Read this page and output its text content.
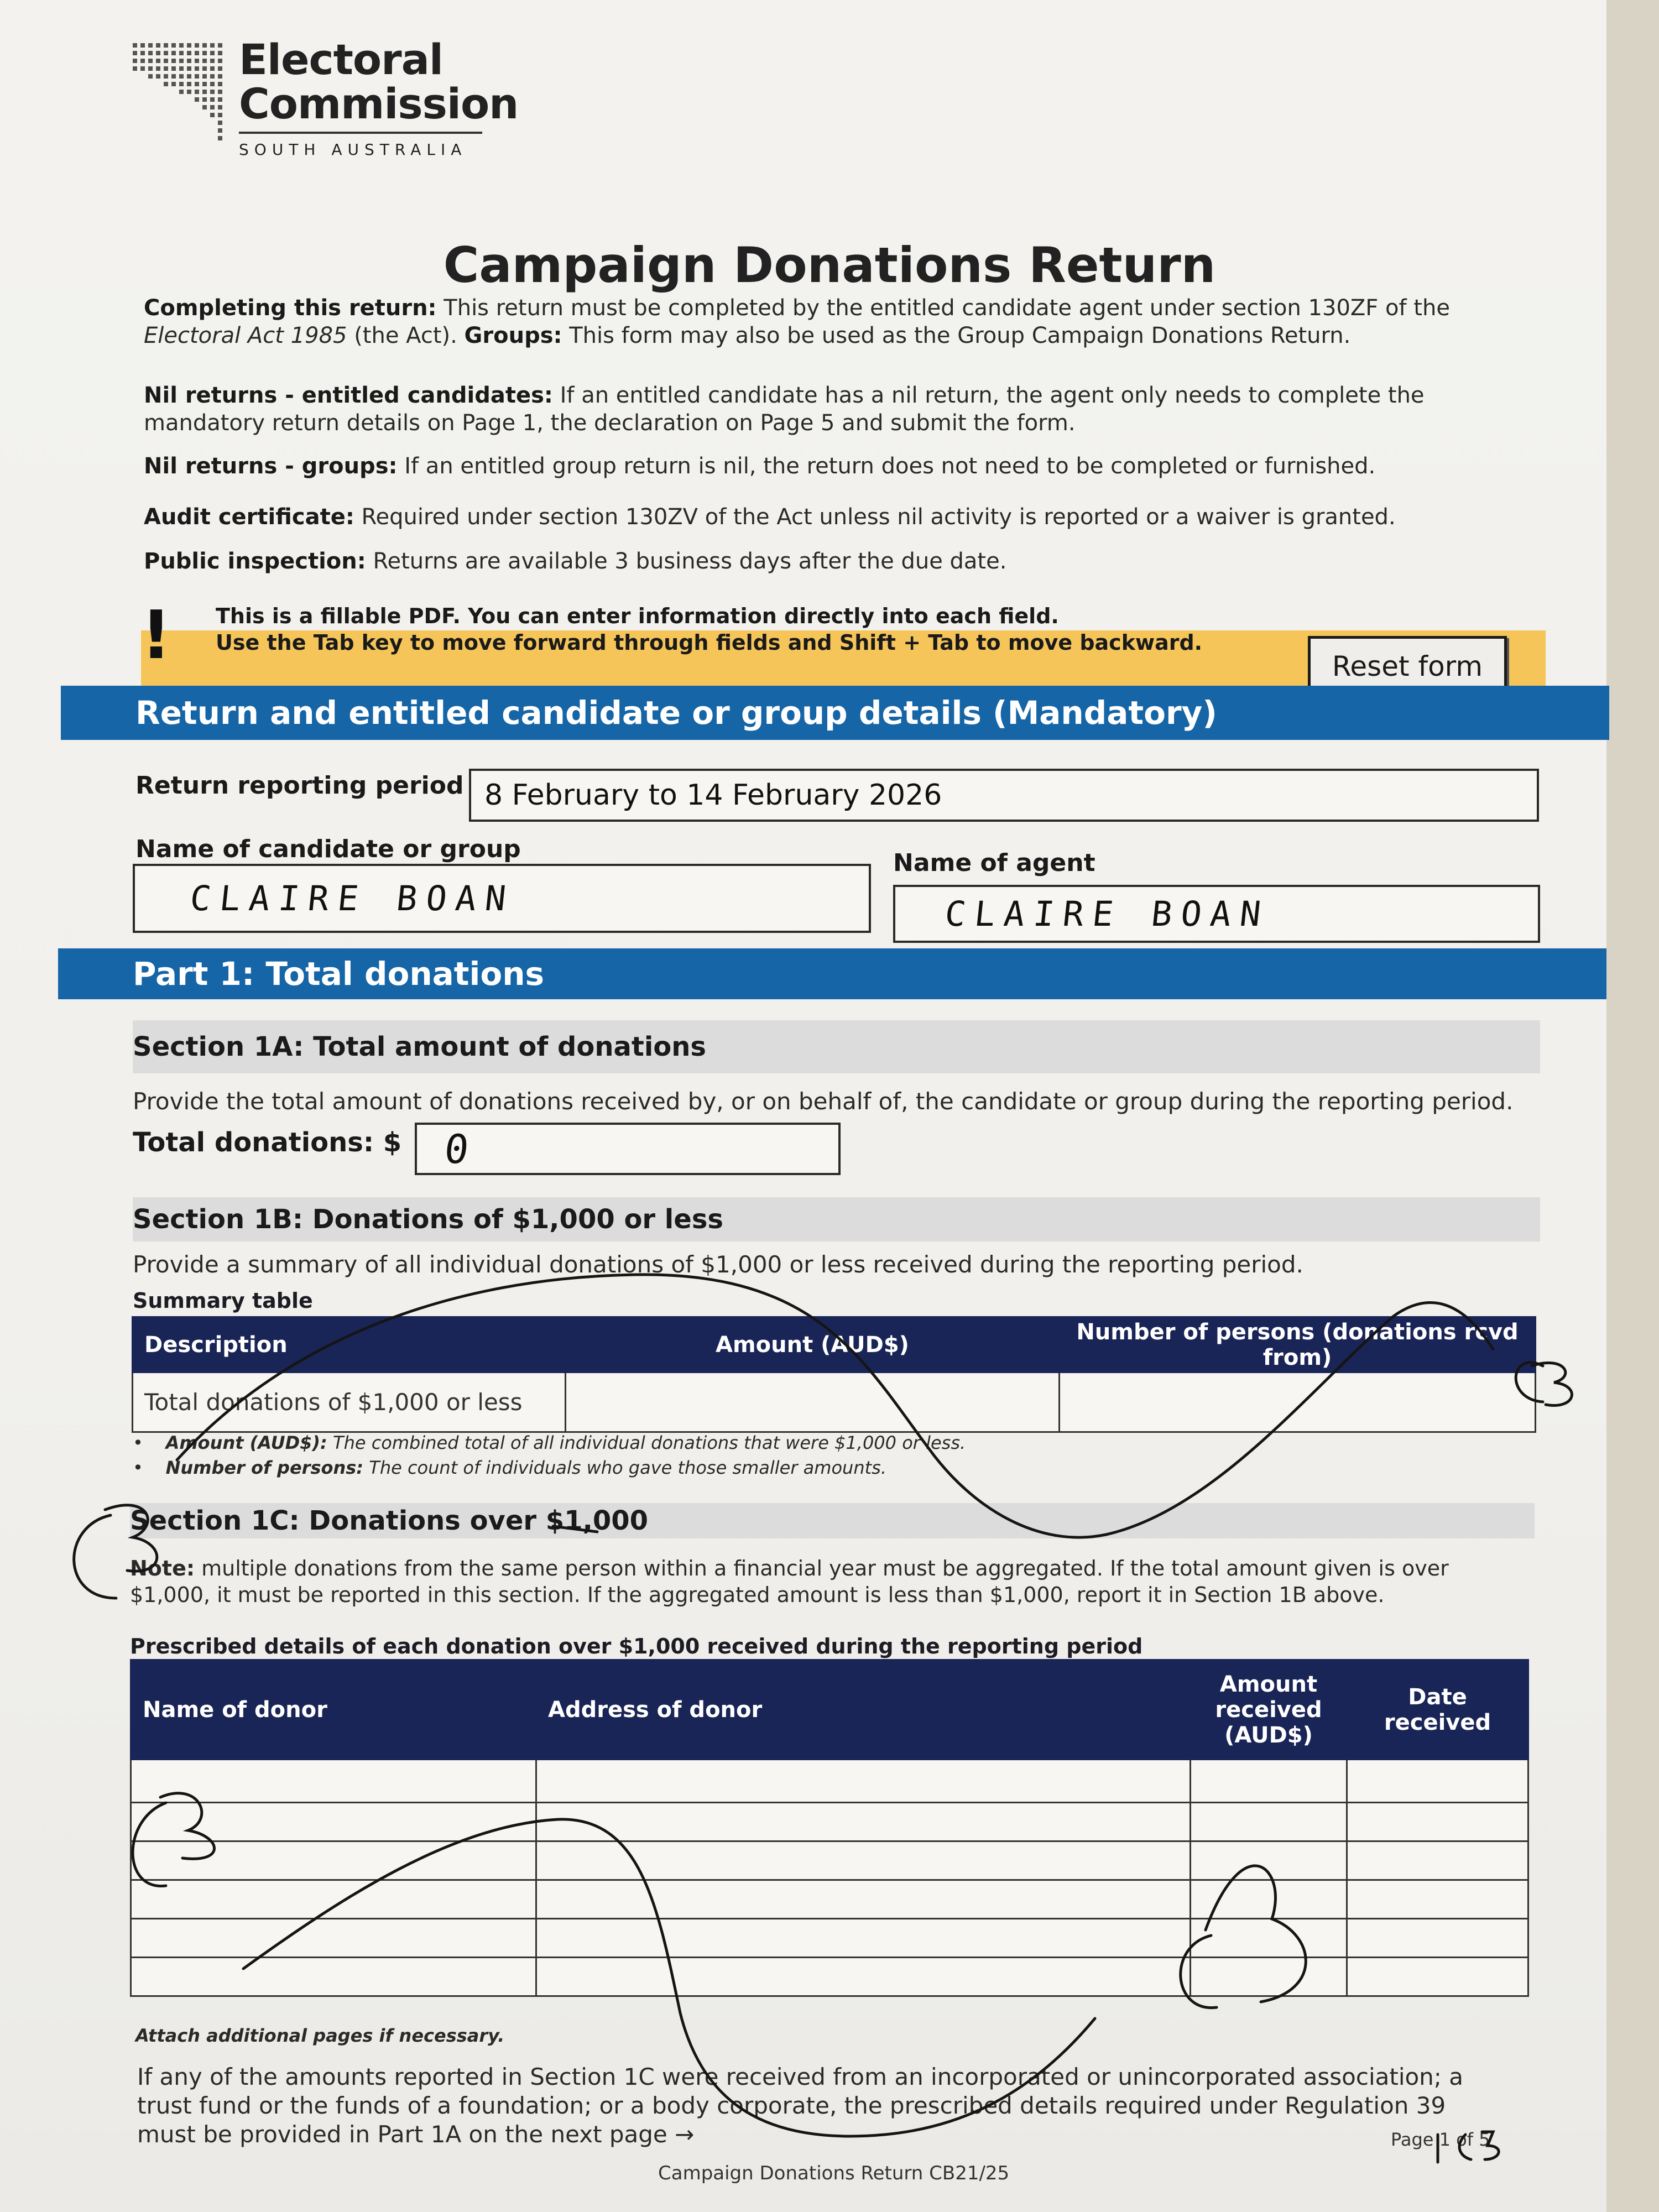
Electoral
Commission
SOUTH AUSTRALIA
Campaign Donations Return
Completing this return: This return must be completed by the entitled candidate agent under section 130ZF of the Electoral Act 1985 (the Act). Groups: This form may also be used as the Group Campaign Donations Return.
Nil returns - entitled candidates: If an entitled candidate has a nil return, the agent only needs to complete the mandatory return details on Page 1, the declaration on Page 5 and submit the form.
Nil returns - groups: If an entitled group return is nil, the return does not need to be completed or furnished.
Audit certificate: Required under section 130ZV of the Act unless nil activity is reported or a waiver is granted.
Public inspection: Returns are available 3 business days after the due date.
! This is a fillable PDF. You can enter information directly into each field.
Use the Tab key to move forward through fields and Shift + Tab to move backward.
Reset form
Return and entitled candidate or group details (Mandatory)
Return reporting period 8 February to 14 February 2026
Name of candidate or group
CLAIRE BOAN
Name of agent
CLAIRE BOAN
Part 1: Total donations
Section 1A: Total amount of donations
Provide the total amount of donations received by, or on behalf of, the candidate or group during the reporting period.
Total donations: $	0
Section 1B: Donations of $1,000 or less
Provide a summary of all individual donations of $1,000 or less received during the reporting period.
Summary table
Description	Amount (AUD$)	Number of persons (donations rcvd from)
Total donations of $1,000 or less		
•    Amount (AUD$): The combined total of all individual donations that were $1,000 or less.
•    Number of persons: The count of individuals who gave those smaller amounts.
Section 1C: Donations over $1,000
Note: multiple donations from the same person within a financial year must be aggregated. If the total amount given is over $1,000, it must be reported in this section. If the aggregated amount is less than $1,000, report it in Section 1B above.
Prescribed details of each donation over $1,000 received during the reporting period
Name of donor	Address of donor	Amount received (AUD$)	Date received

Attach additional pages if necessary.
If any of the amounts reported in Section 1C were received from an incorporated or unincorporated association; a trust fund or the funds of a foundation; or a body corporate, the prescribed details required under Regulation 39 must be provided in Part 1A on the next page →
Campaign Donations Return CB21/25
Page 1 of 5
